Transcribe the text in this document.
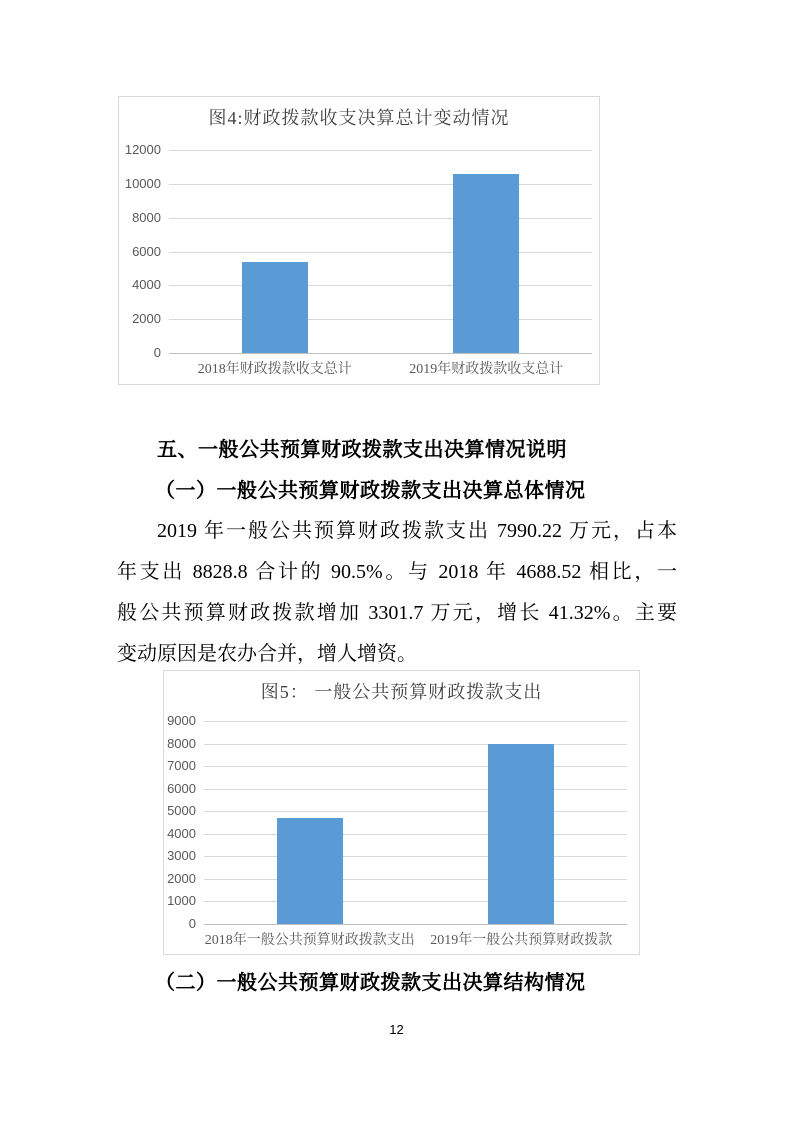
图4:财政拨款收支决算总计变动情况
0
2000
4000
6000
8000
10000
12000
2018年财政拨款收支总计	2019年财政拨款收支总计
五、一般公共预算财政拨款支出决算情况说明
（一）一般公共预算财政拨款支出决算总体情况
2019 年一般公共预算财政拨款支出 7990.22 万元，占本
年支出 8828.8 合计的 90.5%。与 2018 年 4688.52 相比，一
般公共预算财政拨款增加 3301.7 万元，增长 41.32%。主要
变动原因是农办合并，增人增资。
图5： 一般公共预算财政拨款支出
0
1000
2000
3000
4000
5000
6000
7000
8000
9000
2018年一般公共预算财政拨款支出	2019年一般公共预算财政拨款
（二）一般公共预算财政拨款支出决算结构情况
12
